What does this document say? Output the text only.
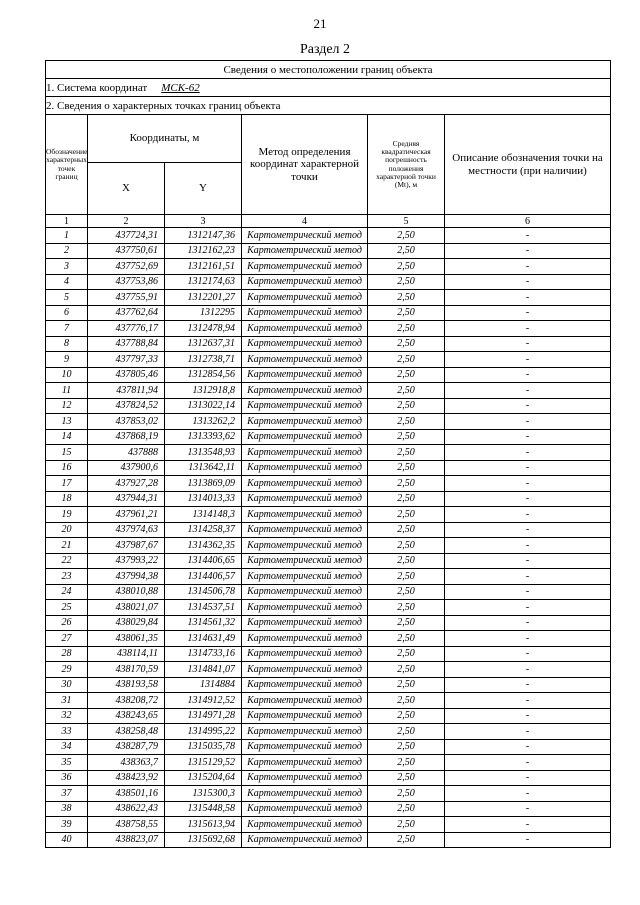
21
Раздел 2
Сведения о местоположении границ объекта					
1. Система координат МСК-62					
2. Сведения о характерных точках границ объекта					
Обозначение характерных точек границ	Координаты, м		Метод определения координат характерной точки	Средняя квадратическая погрешность положения характерной точки (Mt), м	Описание обозначения точки на местности (при наличии)
	X	Y			
1	2	3	4	5	6
1	437724,31	1312147,36	Картометрический метод	2,50	-
2	437750,61	1312162,23	Картометрический метод	2,50	-
3	437752,69	1312161,51	Картометрический метод	2,50	-
4	437753,86	1312174,63	Картометрический метод	2,50	-
5	437755,91	1312201,27	Картометрический метод	2,50	-
6	437762,64	1312295	Картометрический метод	2,50	-
7	437776,17	1312478,94	Картометрический метод	2,50	-
8	437788,84	1312637,31	Картометрический метод	2,50	-
9	437797,33	1312738,71	Картометрический метод	2,50	-
10	437805,46	1312854,56	Картометрический метод	2,50	-
11	437811,94	1312918,8	Картометрический метод	2,50	-
12	437824,52	1313022,14	Картометрический метод	2,50	-
13	437853,02	1313262,2	Картометрический метод	2,50	-
14	437868,19	1313393,62	Картометрический метод	2,50	-
15	437888	1313548,93	Картометрический метод	2,50	-
16	437900,6	1313642,11	Картометрический метод	2,50	-
17	437927,28	1313869,09	Картометрический метод	2,50	-
18	437944,31	1314013,33	Картометрический метод	2,50	-
19	437961,21	1314148,3	Картометрический метод	2,50	-
20	437974,63	1314258,37	Картометрический метод	2,50	-
21	437987,67	1314362,35	Картометрический метод	2,50	-
22	437993,22	1314406,65	Картометрический метод	2,50	-
23	437994,38	1314406,57	Картометрический метод	2,50	-
24	438010,88	1314506,78	Картометрический метод	2,50	-
25	438021,07	1314537,51	Картометрический метод	2,50	-
26	438029,84	1314561,32	Картометрический метод	2,50	-
27	438061,35	1314631,49	Картометрический метод	2,50	-
28	438114,11	1314733,16	Картометрический метод	2,50	-
29	438170,59	1314841,07	Картометрический метод	2,50	-
30	438193,58	1314884	Картометрический метод	2,50	-
31	438208,72	1314912,52	Картометрический метод	2,50	-
32	438243,65	1314971,28	Картометрический метод	2,50	-
33	438258,48	1314995,22	Картометрический метод	2,50	-
34	438287,79	1315035,78	Картометрический метод	2,50	-
35	438363,7	1315129,52	Картометрический метод	2,50	-
36	438423,92	1315204,64	Картометрический метод	2,50	-
37	438501,16	1315300,3	Картометрический метод	2,50	-
38	438622,43	1315448,58	Картометрический метод	2,50	-
39	438758,55	1315613,94	Картометрический метод	2,50	-
40	438823,07	1315692,68	Картометрический метод	2,50	-
